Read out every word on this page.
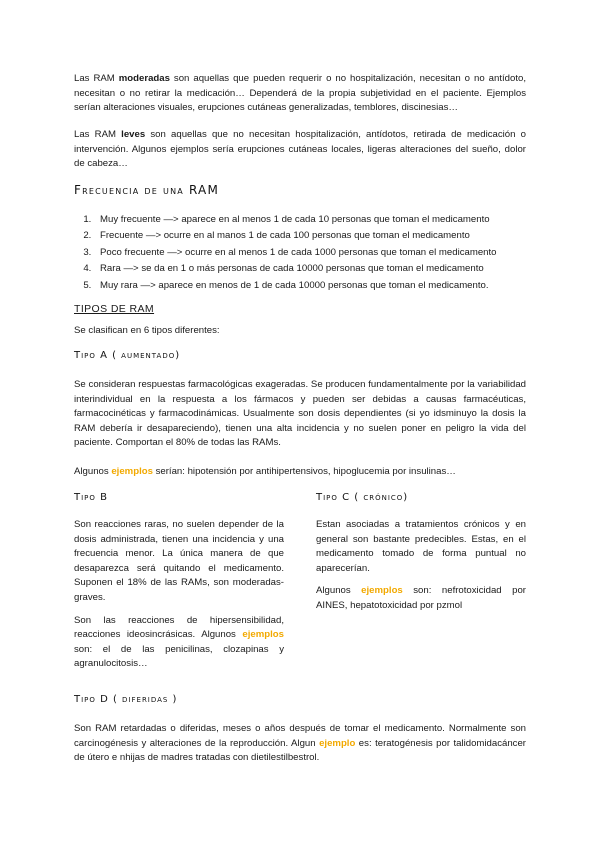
Las RAM moderadas son aquellas que pueden requerir o no hospitalización, necesitan o no antídoto, necesitan o no retirar la medicación… Dependerá de la propia subjetividad en el paciente. Ejemplos serían alteraciones visuales, erupciones cutáneas generalizadas, temblores, discinesias…

Las RAM leves son aquellas que no necesitan hospitalización, antídotos, retirada de medicación o intervención. Algunos ejemplos sería erupciones cutáneas locales, ligeras alteraciones del sueño, dolor de cabeza…

Frecuencia de una RAM
1. Muy frecuente —> aparece en al menos 1 de cada 10 personas que toman el medicamento
2. Frecuente —> ocurre en al manos 1 de cada 100 personas que toman el medicamento
3. Poco frecuente —> ocurre en al menos 1 de cada 1000 personas que toman el medicamento
4. Rara —> se da en 1 o más personas de cada 10000 personas que toman el medicamento
5. Muy rara —> aparece en menos de 1 de cada 10000 personas que toman el medicamento.
TIPOS DE RAM

Se clasifican en 6 tipos diferentes:

Tipo A ( aumentado)

Se consideran respuestas farmacológicas exageradas. Se producen fundamentalmente por la variabilidad interindividual en la respuesta a los fármacos y pueden ser debidas a causas farmacéuticas, farmacocinéticas y farmacodinámicas. Usualmente son dosis dependientes (si yo idsminuyo la dosis la RAM debería ir desapareciendo), tienen una alta incidencia y no suelen poner en peligro la vida del paciente. Comportan el 80% de todas las RAMs.

Algunos ejemplos serían: hipotensión por antihipertensivos, hipoglucemia por insulinas…

Tipo B

Son reacciones raras, no suelen depender de la dosis administrada, tienen una incidencia y una frecuencia menor. La única manera de que desaparezca será quitando el medicamento. Suponen el 18% de las RAMs, son moderadas-graves.

Son las reacciones de hipersensibilidad, reacciones ideosincrásicas. Algunos ejemplos son: el de las penicilinas, clozapinas y agranulocitosis…

Tipo C ( crónico)

Estan asociadas a tratamientos crónicos y en general son bastante predecibles. Estas, en el medicamento tomado de forma puntual no aparecerían.

Algunos ejemplos son: nefrotoxicidad por AINES, hepatotoxicidad por pzmol

Tipo D ( diferidas )

Son RAM retardadas o diferidas, meses o años después de tomar el medicamento. Normalmente son carcinogénesis y alteraciones de la reproducción. Algun ejemplo es: teratogénesis por talidomidacáncer de útero e nhijas de madres tratadas con dietilestilbestrol.
